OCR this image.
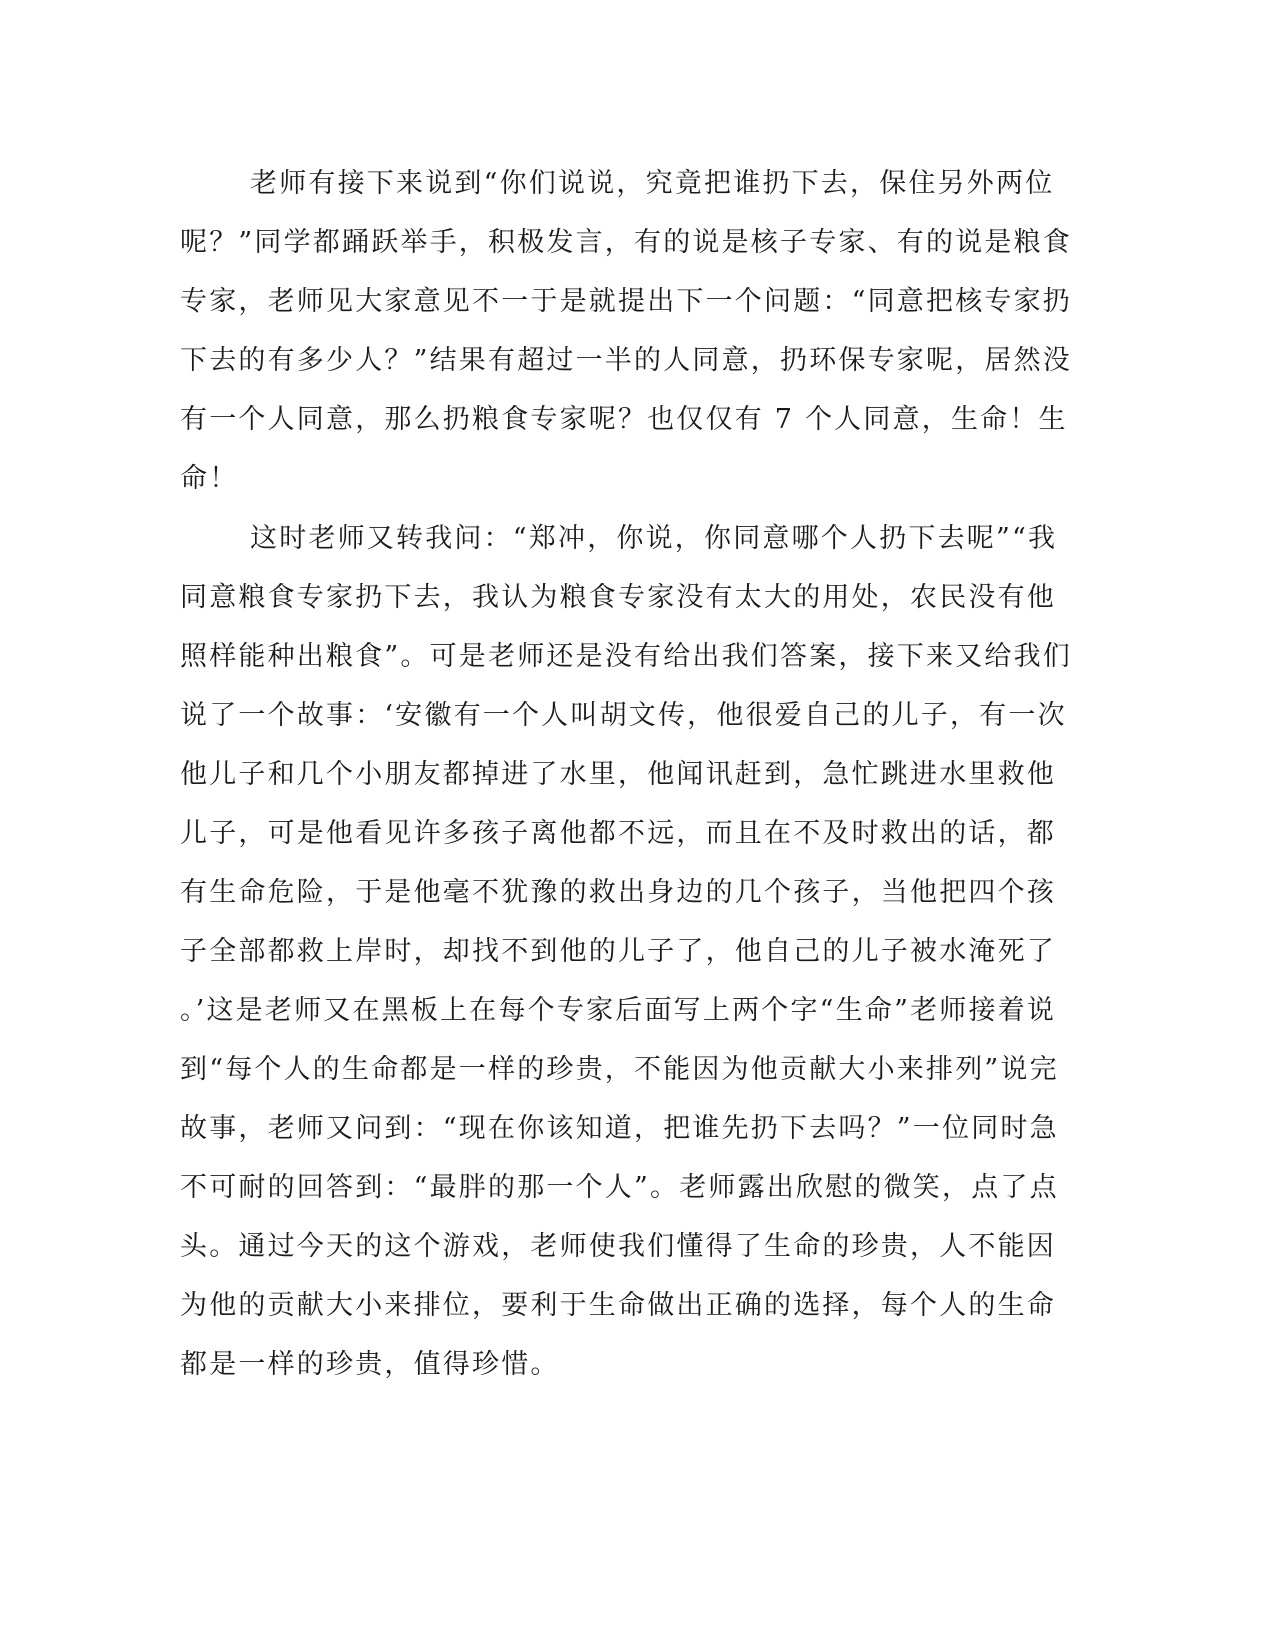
老师有接下来说到“你们说说，究竟把谁扔下去，保住另外两位
呢？”同学都踊跃举手，积极发言，有的说是核子专家、有的说是粮食
专家，老师见大家意见不一于是就提出下一个问题：“同意把核专家扔
下去的有多少人？”结果有超过一半的人同意，扔环保专家呢，居然没
有一个人同意，那么扔粮食专家呢？也仅仅有 7 个人同意，生命！生
命！
这时老师又转我问：“郑冲，你说，你同意哪个人扔下去呢”“我
同意粮食专家扔下去，我认为粮食专家没有太大的用处，农民没有他
照样能种出粮食”。可是老师还是没有给出我们答案，接下来又给我们
说了一个故事：‘安徽有一个人叫胡文传，他很爱自己的儿子，有一次
他儿子和几个小朋友都掉进了水里，他闻讯赶到，急忙跳进水里救他
儿子，可是他看见许多孩子离他都不远，而且在不及时救出的话，都
有生命危险，于是他毫不犹豫的救出身边的几个孩子，当他把四个孩
子全部都救上岸时，却找不到他的儿子了，他自己的儿子被水淹死了
。’这是老师又在黑板上在每个专家后面写上两个字“生命”老师接着说
到“每个人的生命都是一样的珍贵，不能因为他贡献大小来排列”说完
故事，老师又问到：“现在你该知道，把谁先扔下去吗？”一位同时急
不可耐的回答到：“最胖的那一个人”。老师露出欣慰的微笑，点了点
头。通过今天的这个游戏，老师使我们懂得了生命的珍贵，人不能因
为他的贡献大小来排位，要利于生命做出正确的选择，每个人的生命
都是一样的珍贵，值得珍惜。
